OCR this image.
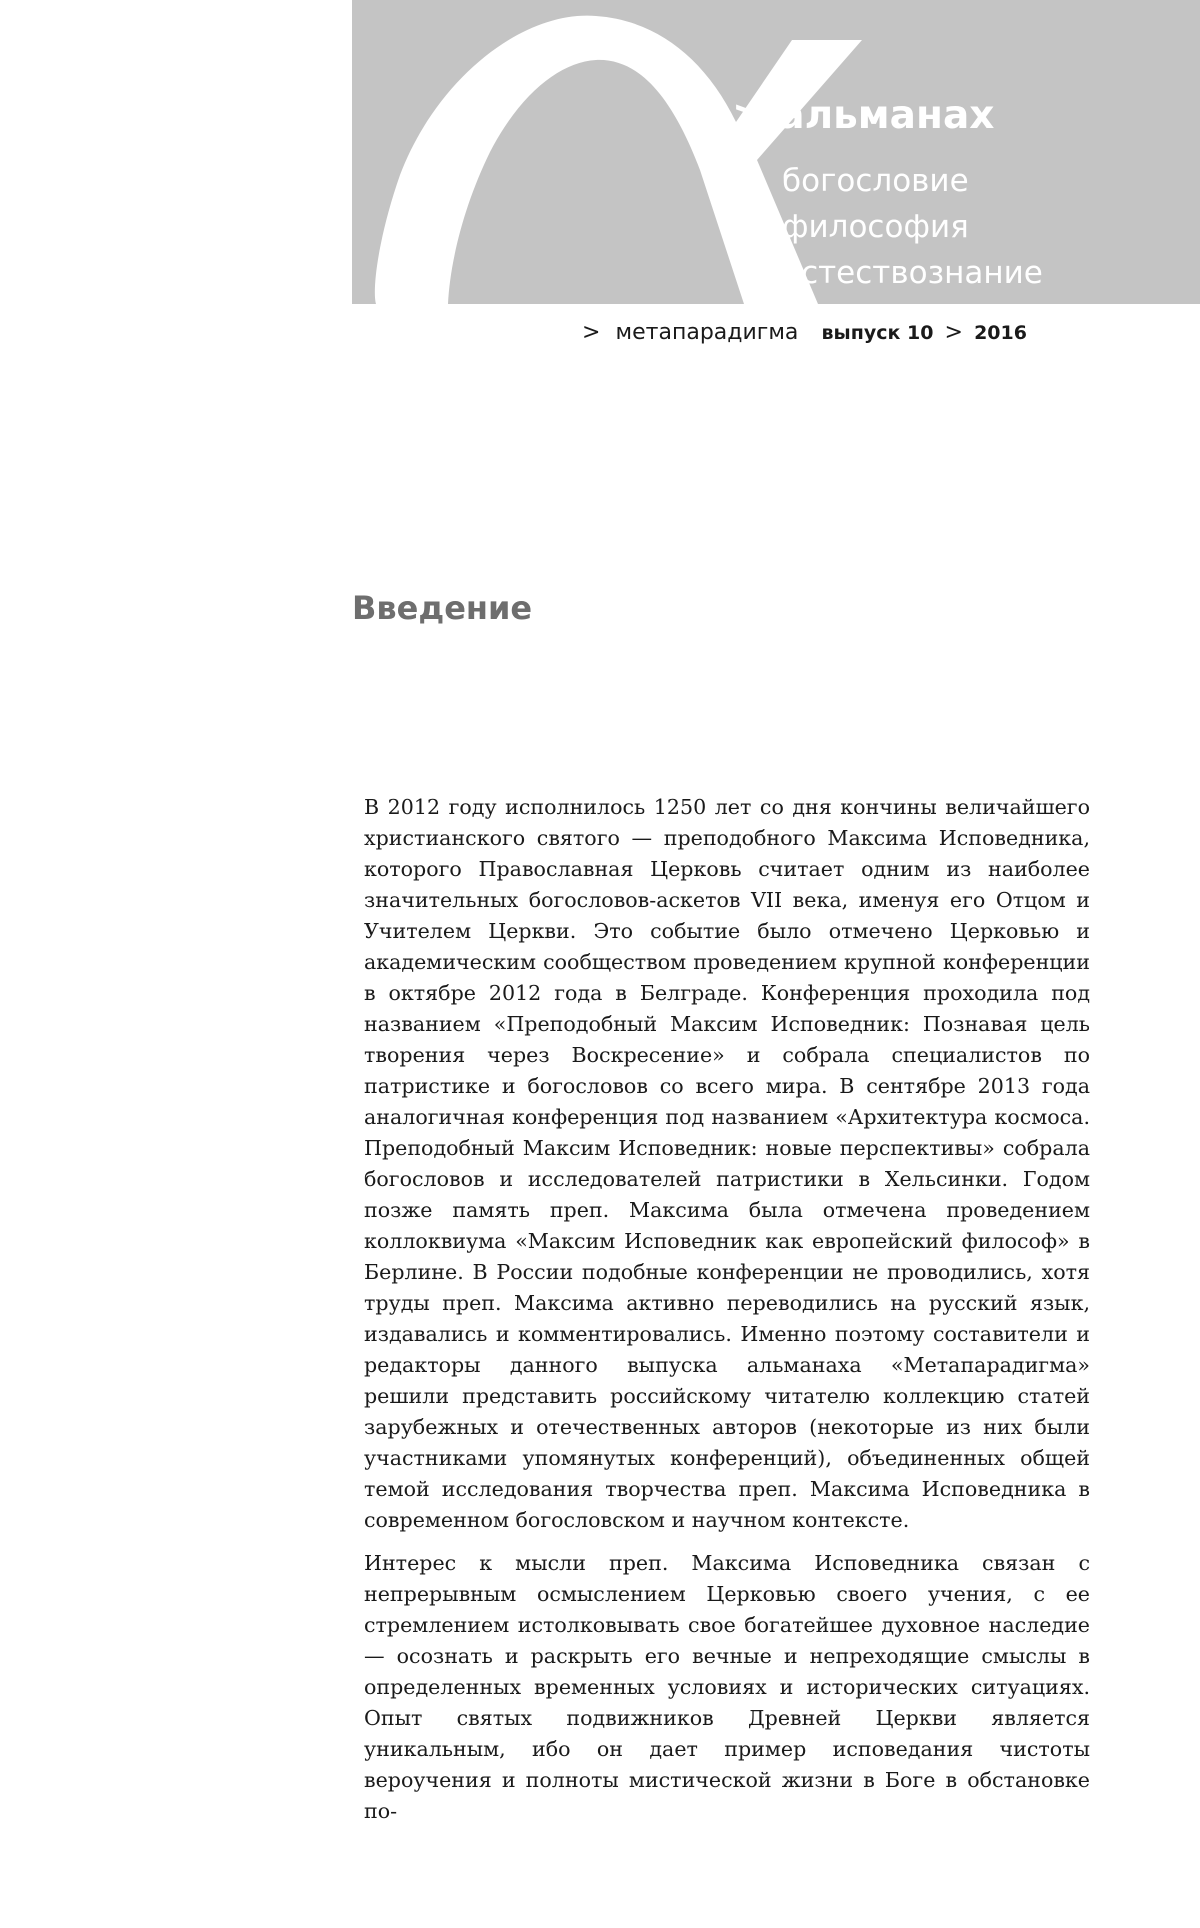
> альманах
богословие
философия
естествознание
> метапарадигма выпуск 10 > 2016
Введение

В 2012 году исполнилось 1250 лет со дня кончины величайшего христианского святого — преподобного Максима Исповедника, которого Православная Церковь считает одним из наиболее значительных богословов-аскетов VII века, именуя его Отцом и Учителем Церкви. Это событие было отмечено Церковью и академическим сообществом проведением крупной конференции в октябре 2012 года в Белграде. Конференция проходила под названием «Преподобный Максим Исповедник: Познавая цель творения через Воскресение» и собрала специалистов по патристике и богословов со всего мира. В сентябре 2013 года аналогичная конференция под названием «Архитектура космоса. Преподобный Максим Исповедник: новые перспективы» собрала богословов и исследователей патристики в Хельсинки. Годом позже память преп. Максима была отмечена проведением коллоквиума «Максим Исповедник как европейский философ» в Берлине. В России подобные конференции не проводились, хотя труды преп. Максима активно переводились на русский язык, издавались и комментировались. Именно поэтому составители и редакторы данного выпуска альманаха «Метапарадигма» решили представить российскому читателю коллекцию статей зарубежных и отечественных авторов (некоторые из них были участниками упомянутых конференций), объединенных общей темой исследования творчества преп. Максима Исповедника в современном богословском и научном контексте.

Интерес к мысли преп. Максима Исповедника связан с непрерывным осмыслением Церковью своего учения, с ее стремлением истолковывать свое богатейшее духовное наследие — осознать и раскрыть его вечные и непреходящие смыслы в определенных временных условиях и исторических ситуациях. Опыт святых подвижников Древней Церкви является уникальным, ибо он дает пример исповедания чистоты вероучения и полноты мистической жизни в Боге в обстановке по-
